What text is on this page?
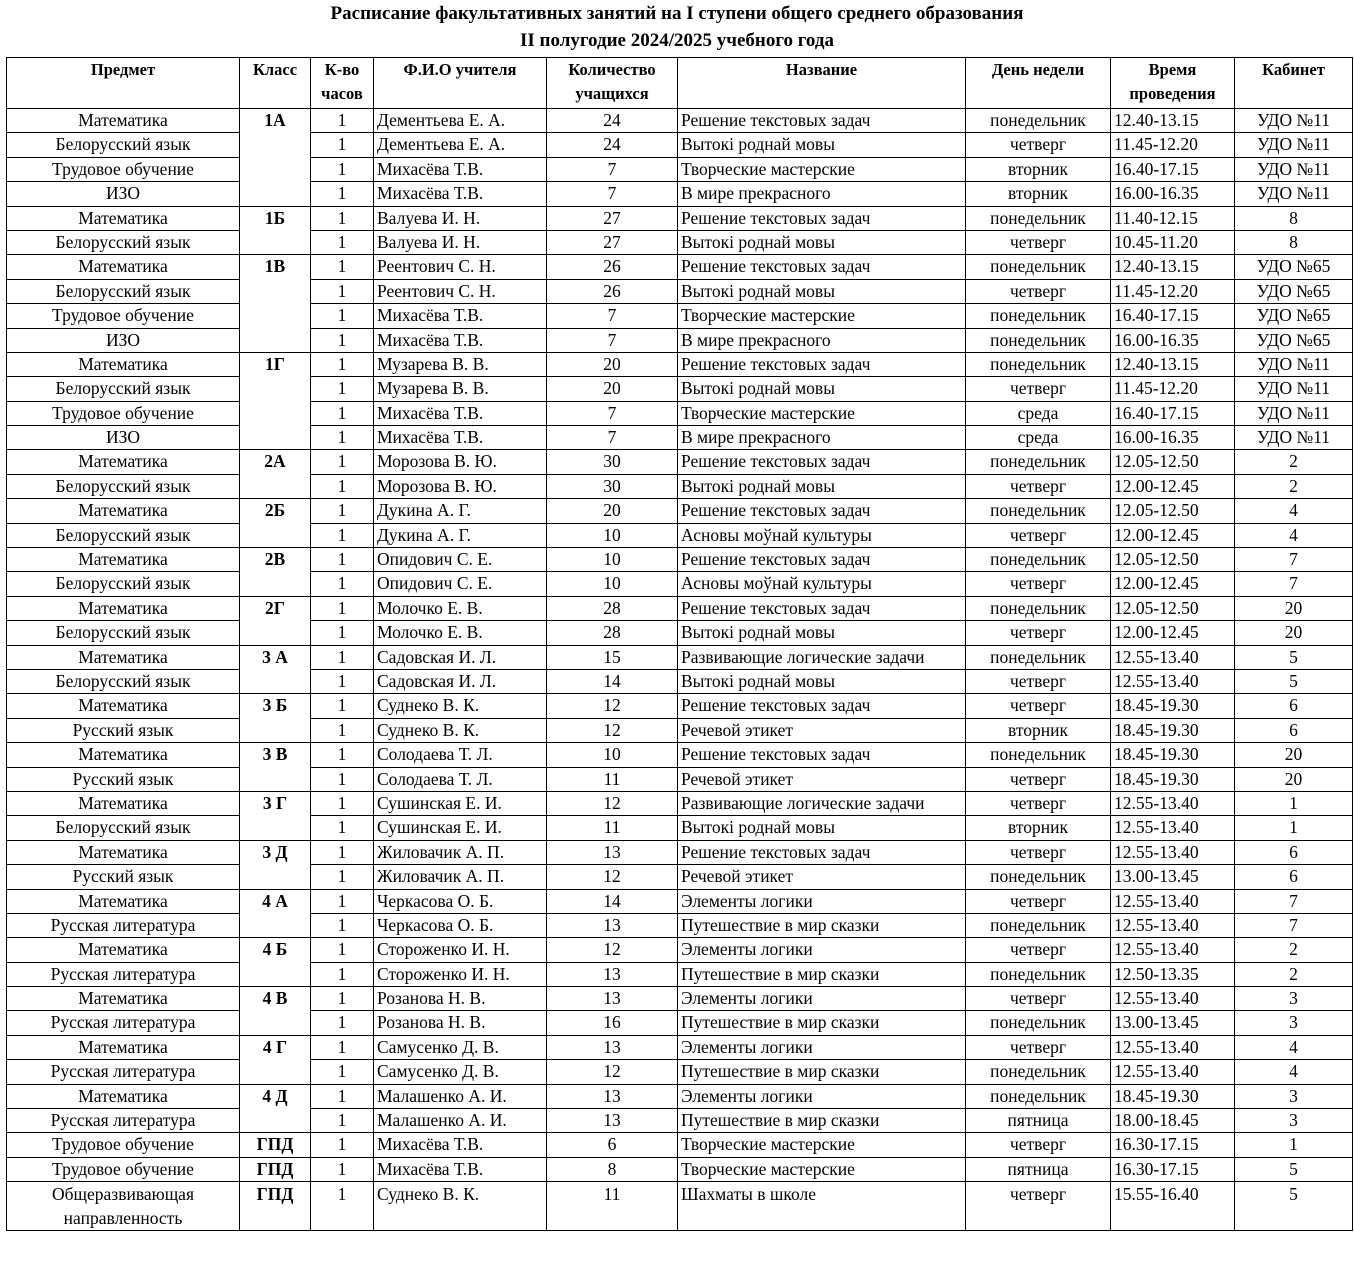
Расписание факультативных занятий на I ступени общего среднего образования
II полугодие 2024/2025 учебного года
Предмет	Класс	К-во часов	Ф.И.О учителя	Количество учащихся	Название	День недели	Время проведения	Кабинет
Математика	1А	1	Дементьева Е. А.	24	Решение текстовых задач	понедельник	12.40-13.15	УДО №11
Белорусский язык		1	Дементьева Е. А.	24	Вытокі роднай мовы	четверг	11.45-12.20	УДО №11
Трудовое обучение		1	Михасёва Т.В.	7	Творческие мастерские	вторник	16.40-17.15	УДО №11
ИЗО		1	Михасёва Т.В.	7	В мире прекрасного	вторник	16.00-16.35	УДО №11
Математика	1Б	1	Валуева И. Н.	27	Решение текстовых задач	понедельник	11.40-12.15	8
Белорусский язык		1	Валуева И. Н.	27	Вытокі роднай мовы	четверг	10.45-11.20	8
Математика	1В	1	Реентович С. Н.	26	Решение текстовых задач	понедельник	12.40-13.15	УДО №65
Белорусский язык		1	Реентович С. Н.	26	Вытокі роднай мовы	четверг	11.45-12.20	УДО №65
Трудовое обучение		1	Михасёва Т.В.	7	Творческие мастерские	понедельник	16.40-17.15	УДО №65
ИЗО		1	Михасёва Т.В.	7	В мире прекрасного	понедельник	16.00-16.35	УДО №65
Математика	1Г	1	Музарева В. В.	20	Решение текстовых задач	понедельник	12.40-13.15	УДО №11
Белорусский язык		1	Музарева В. В.	20	Вытокі роднай мовы	четверг	11.45-12.20	УДО №11
Трудовое обучение		1	Михасёва Т.В.	7	Творческие мастерские	среда	16.40-17.15	УДО №11
ИЗО		1	Михасёва Т.В.	7	В мире прекрасного	среда	16.00-16.35	УДО №11
Математика	2А	1	Морозова В. Ю.	30	Решение текстовых задач	понедельник	12.05-12.50	2
Белорусский язык		1	Морозова В. Ю.	30	Вытокі роднай мовы	четверг	12.00-12.45	2
Математика	2Б	1	Дукина А. Г.	20	Решение текстовых задач	понедельник	12.05-12.50	4
Белорусский язык		1	Дукина А. Г.	10	Асновы моўнай культуры	четверг	12.00-12.45	4
Математика	2В	1	Опидович С. Е.	10	Решение текстовых задач	понедельник	12.05-12.50	7
Белорусский язык		1	Опидович С. Е.	10	Асновы моўнай культуры	четверг	12.00-12.45	7
Математика	2Г	1	Молочко Е. В.	28	Решение текстовых задач	понедельник	12.05-12.50	20
Белорусский язык		1	Молочко Е. В.	28	Вытокі роднай мовы	четверг	12.00-12.45	20
Математика	3 А	1	Садовская И. Л.	15	Развивающие логические задачи	понедельник	12.55-13.40	5
Белорусский язык		1	Садовская И. Л.	14	Вытокі роднай мовы	четверг	12.55-13.40	5
Математика	3 Б	1	Суднеко В. К.	12	Решение текстовых задач	четверг	18.45-19.30	6
Русский язык		1	Суднеко В. К.	12	Речевой этикет	вторник	18.45-19.30	6
Математика	3 В	1	Солодаева Т. Л.	10	Решение текстовых задач	понедельник	18.45-19.30	20
Русский язык		1	Солодаева Т. Л.	11	Речевой этикет	четверг	18.45-19.30	20
Математика	3 Г	1	Сушинская Е. И.	12	Развивающие логические задачи	четверг	12.55-13.40	1
Белорусский язык		1	Сушинская Е. И.	11	Вытокі роднай мовы	вторник	12.55-13.40	1
Математика	3 Д	1	Жиловачик А. П.	13	Решение текстовых задач	четверг	12.55-13.40	6
Русский язык		1	Жиловачик А. П.	12	Речевой этикет	понедельник	13.00-13.45	6
Математика	4 А	1	Черкасова О. Б.	14	Элементы логики	четверг	12.55-13.40	7
Русская литература		1	Черкасова О. Б.	13	Путешествие в мир сказки	понедельник	12.55-13.40	7
Математика	4 Б	1	Стороженко И. Н.	12	Элементы логики	четверг	12.55-13.40	2
Русская литература		1	Стороженко И. Н.	13	Путешествие в мир сказки	понедельник	12.50-13.35	2
Математика	4 В	1	Розанова Н. В.	13	Элементы логики	четверг	12.55-13.40	3
Русская литература		1	Розанова Н. В.	16	Путешествие в мир сказки	понедельник	13.00-13.45	3
Математика	4 Г	1	Самусенко Д. В.	13	Элементы логики	четверг	12.55-13.40	4
Русская литература		1	Самусенко Д. В.	12	Путешествие в мир сказки	понедельник	12.55-13.40	4
Математика	4 Д	1	Малашенко А. И.	13	Элементы логики	понедельник	18.45-19.30	3
Русская литература		1	Малашенко А. И.	13	Путешествие в мир сказки	пятница	18.00-18.45	3
Трудовое обучение	ГПД	1	Михасёва Т.В.	6	Творческие мастерские	четверг	16.30-17.15	1
Трудовое обучение	ГПД	1	Михасёва Т.В.	8	Творческие мастерские	пятница	16.30-17.15	5
Общеразвивающая направленность	ГПД	1	Суднеко В. К.	11	Шахматы в школе	четверг	15.55-16.40	5
